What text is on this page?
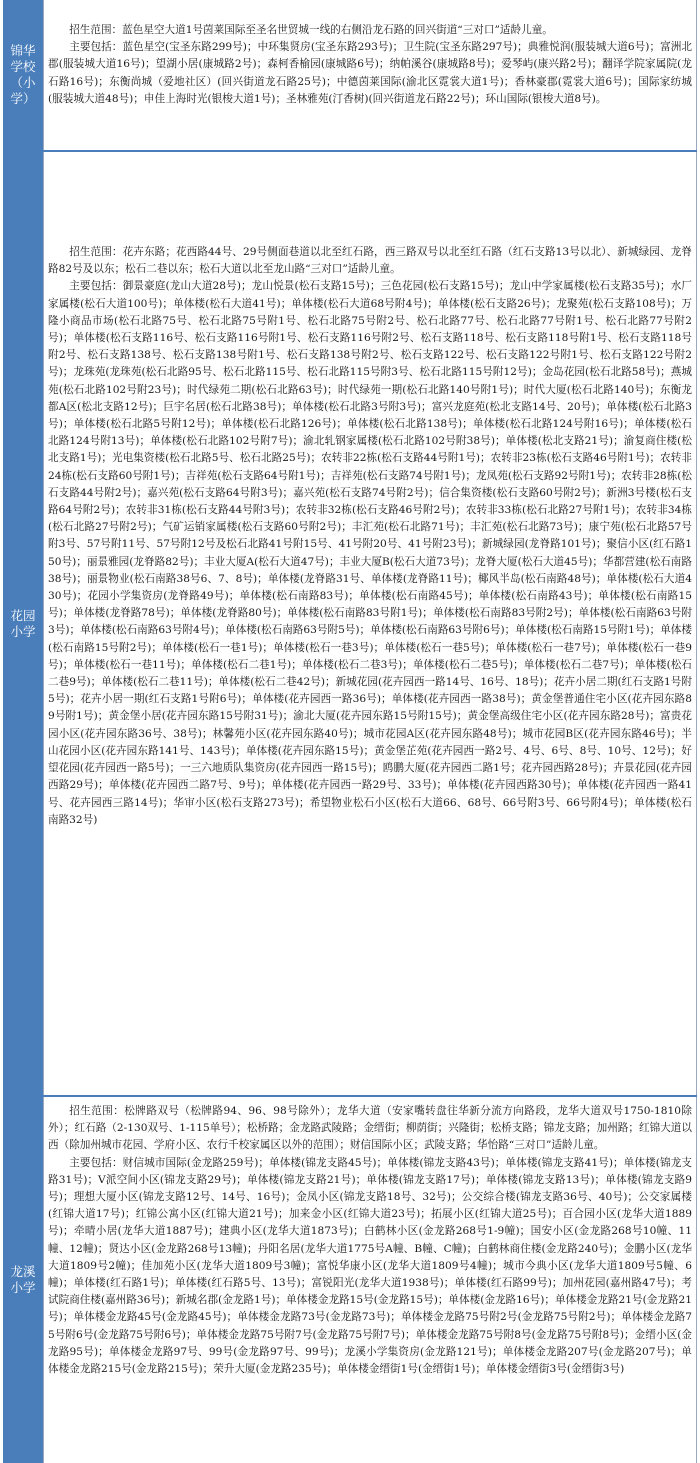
锦华学校（小学）

招生范围：蓝色星空大道1号茵莱国际至圣名世贸城一线的右侧沿龙石路的回兴街道“三对口”适龄儿童。

主要包括：蓝色星空(宝圣东路299号)；中环集贤房(宝圣东路293号)；卫生院(宝圣东路297号)；典雅悦润(服装城大道6号)；富洲北郡(服装城大道16号)；望湖小居(康城路2号)；森柯香榆园(康城路6号)；纳帕溪谷(康城路8号)；爱琴屿(康兴路2号)；翻译学院家属院(龙石路16号)；东衡尚城（爱地社区）(回兴街道龙石路25号)；中德茵莱国际(渝北区霓裳大道1号)；香林豪郡(霓裳大道6号)；国际家纺城(服装城大道48号)；申佳上海时光(银梭大道1号)；圣林雅苑(汀香树)(回兴街道龙石路22号)；环山国际(银梭大道8号)。

花园小学

招生范围：花卉东路；花西路44号、29号侧面巷道以北至红石路，西三路双号以北至红石路（红石支路13号以北）、新城绿园、龙脊路82号及以东；松石二巷以东；松石大道以北至龙山路“三对口”适龄儿童。

主要包括：御景豪庭(龙山大道28号)；龙山悦景(松石支路15号)；三色花园(松石支路15号)；龙山中学家属楼(松石支路35号)；水厂家属楼(松石大道100号)；单体楼(松石大道41号)；单体楼(松石大道68号附4号)；单体楼(松石支路26号)；龙聚苑(松石支路108号)；万隆小商品市场(松石北路75号、松石北路75号附1号、松石北路75号附2号、松石北路77号、松石北路77号附1号、松石北路77号附2号)；单体楼(松石支路116号、松石支路116号附1号、松石支路116号附2号、松石支路118号、松石支路118号附1号、松石支路118号附2号、松石支路138号、松石支路138号附1号、松石支路138号附2号、松石支路122号、松石支路122号附1号、松石支路122号附2号)；龙珠苑(龙珠苑(松石北路95号、松石北路115号、松石北路115号附3号、松石北路115号附12号)；金岛花园(松石北路58号)；燕城苑(松石北路102号附23号)；时代绿苑二期(松石北路63号)；时代绿苑一期(松石北路140号附1号)；时代大厦(松石北路140号)；东衡龙都A区(松北支路12号)；巨宇名居(松石北路38号)；单体楼(松石北路3号附3号)；富兴龙庭苑(松北支路14号、20号)；单体楼(松石北路3号)；单体楼(松石北路5号附12号)；单体楼(松石北路126号)；单体楼(松石北路138号)；单体楼(松石北路124号附16号)；单体楼(松石北路124号附13号)；单体楼(松石北路102号附7号)；渝北轧钢家属楼(松石北路102号附38号)；单体楼(松北支路21号)；渝复商住楼(松北支路1号)；光电集资楼(松石北路5号、松石北路25号)；农转非22栋(松石支路44号附1号)；农转非23栋(松石支路46号附1号)；农转非24栋(松石支路60号附1号)；吉祥苑(松石支路64号附1号)；吉祥苑(松石支路74号附1号)；龙凤苑(松石支路92号附1号)；农转非28栋(松石支路44号附2号)；嘉兴苑(松石支路64号附3号)；嘉兴苑(松石支路74号附2号)；信合集资楼(松石支路60号附2号)；新洲3号楼(松石支路64号附2号)；农转非31栋(松石支路44号附3号)；农转非32栋(松石支路46号附2号)；农转非33栋(松石北路27号附1号)；农转非34栋(松石北路27号附2号)；气矿运销家属楼(松石支路60号附2号)；丰汇苑(松石北路71号)；丰汇苑(松石北路73号)；康宁苑(松石北路57号附3号、57号附11号、57号附12号及松石北路41号附15号、41号附20号、41号附23号)；新城绿园(龙脊路101号)；聚信小区(红石路150号)；丽景雅园(龙脊路82号)；丰业大厦A(松石大道47号)；丰业大厦B(松石大道73号)；龙脊大厦(松石大道45号)；华都营建(松石南路38号)；丽景物业(松石南路38号6、7、8号)；单体楼(龙脊路31号、单体楼(龙脊路11号)；椰风半岛(松石南路48号)；单体楼(松石大道430号)；花园小学集资房(龙脊路49号)；单体楼(松石南路83号)；单体楼(松石南路45号)；单体楼(松石南路43号)；单体楼(松石南路15号)；单体楼(龙脊路78号)；单体楼(龙脊路80号)；单体楼(松石南路83号附1号)；单体楼(松石南路83号附2号)；单体楼(松石南路63号附3号)；单体楼(松石南路63号附4号)；单体楼(松石南路63号附5号)；单体楼(松石南路63号附6号)；单体楼(松石南路15号附1号)；单体楼(松石南路15号附2号)；单体楼(松石一巷1号)；单体楼(松石一巷3号)；单体楼(松石一巷5号)；单体楼(松石一巷7号)；单体楼(松石一巷9号)；单体楼(松石一巷11号)；单体楼(松石二巷1号)；单体楼(松石二巷3号)；单体楼(松石二巷5号)；单体楼(松石二巷7号)；单体楼(松石二巷9号)；单体楼(松石二巷11号)；单体楼(松石二巷42号)；新城花园(花卉园西一路14号、16号、18号)；花卉小居二期(红石支路1号附5号)；花卉小居一期(红石支路1号附6号)；单体楼(花卉园西一路36号)；单体楼(花卉园西一路38号)；黄金堡普通住宅小区(花卉园东路89号附1号)；黄金堡小居(花卉园东路15号附31号)；渝北大厦(花卉园东路15号附15号)；黄金堡高级住宅小区(花卉园东路28号)；富贵花园小区(花卉园东路36号、38号)；林馨苑小区(花卉园东路40号)；城市花园A区(花卉园东路48号)；城市花园B区(花卉园东路46号)；半山花园小区(花卉园东路141号、143号)；单体楼(花卉园东路15号)；黄金堡芷苑(花卉园西一路2号、4号、6号、8号、10号、12号)；好望花园(花卉园西一路5号)；一三六地质队集资房(花卉园西一路15号)；鸥鹏大厦(花卉园西二路1号；花卉园西路28号)；卉景花园(花卉园西路29号)；单体楼(花卉园西二路7号、9号)；单体楼(花卉园西一路29号、33号)；单体楼(花卉园西路30号)；单体楼(花卉园西一路41号、花卉园西三路14号)；华审小区(松石支路273号)；希望物业松石小区(松石大道66、68号、66号附3号、66号附4号)；单体楼(松石南路32号)

龙溪小学

招生范围：松牌路双号（松牌路94、96、98号除外）；龙华大道（安家嘴转盘往华新分流方向路段，龙华大道双号1750-1810除外）；红石路（2-130双号、1-115单号）；松桥路；金龙路武陵路；金缙街；柳荫街；兴隆街；松桥支路；锦龙支路；加州路；红锦大道以西（除加州城市花园、学府小区、农行千校家属区以外的范围）；财信国际小区；武陵支路；华怡路“三对口”适龄儿童。

主要包括：财信城市国际(金龙路259号)；单体楼(锦龙支路45号)；单体楼(锦龙支路43号)；单体楼(锦龙支路41号)；单体楼(锦龙支路31号)；V派空间小区(锦龙支路29号)；单体楼(锦龙支路21号)；单体楼(锦龙支路17号)；单体楼(锦龙支路13号)；单体楼(锦龙支路9号)；理想大厦小区(锦龙支路12号、14号、16号)；金凤小区(锦龙支路18号、32号)；公交综合楼(锦龙支路36号、40号)；公交家属楼(红锦大道17号)；红锦公寓小区(红锦大道21号)；加来金小区(红锦大道23号)；拓展小区(红锦大道25号)；百合园小区(龙华大道1889号)；牵晴小居(龙华大道1887号)；建典小区(龙华大道1873号)；白鹤林小区(金龙路268号1-9幢)；国安小区(金龙路268号10幢、11幢、12幢)；贤达小区(金龙路268号13幢)；丹阳名居(龙华大道1775号A幢、B幢、C幢)；白鹤林商住楼(金龙路240号)；金鹏小区(龙华大道1809号2幢)；佳加苑小区(龙华大道1809号3幢)；富悦华康小区(龙华大道1809号4幢)；城市今典小区(龙华大道1809号5幢、6幢)；单体楼(红石路1号)；单体楼(红石路5号、13号)；富锐阳光(龙华大道1938号)；单体楼(红石路99号)；加州花园(嘉州路47号)；考试院商住楼(嘉州路36号)；新城名郡(金龙路1号)；单体楼金龙路15号(金龙路15号)；单体楼(金龙路16号)；单体楼金龙路21号(金龙路21号)；单体楼金龙路45号(金龙路45号)；单体楼金龙路73号(金龙路73号)；单体楼金龙路75号附2号(金龙路75号附2号)；单体楼金龙路75号附6号(金龙路75号附6号)；单体楼金龙路75号附7号(金龙路75号附7号)；单体楼金龙路75号附8号(金龙路75号附8号)；金缙小区(金龙路95号)；单体楼金龙路97号、99号(金龙路97号、99号)；龙溪小学集资房(金龙路121号)；单体楼金龙路207号(金龙路207号)；单体楼金龙路215号(金龙路215号)；荣升大厦(金龙路235号)；单体楼金缙街1号(金缙街1号)；单体楼金缙街3号(金缙街3号)
